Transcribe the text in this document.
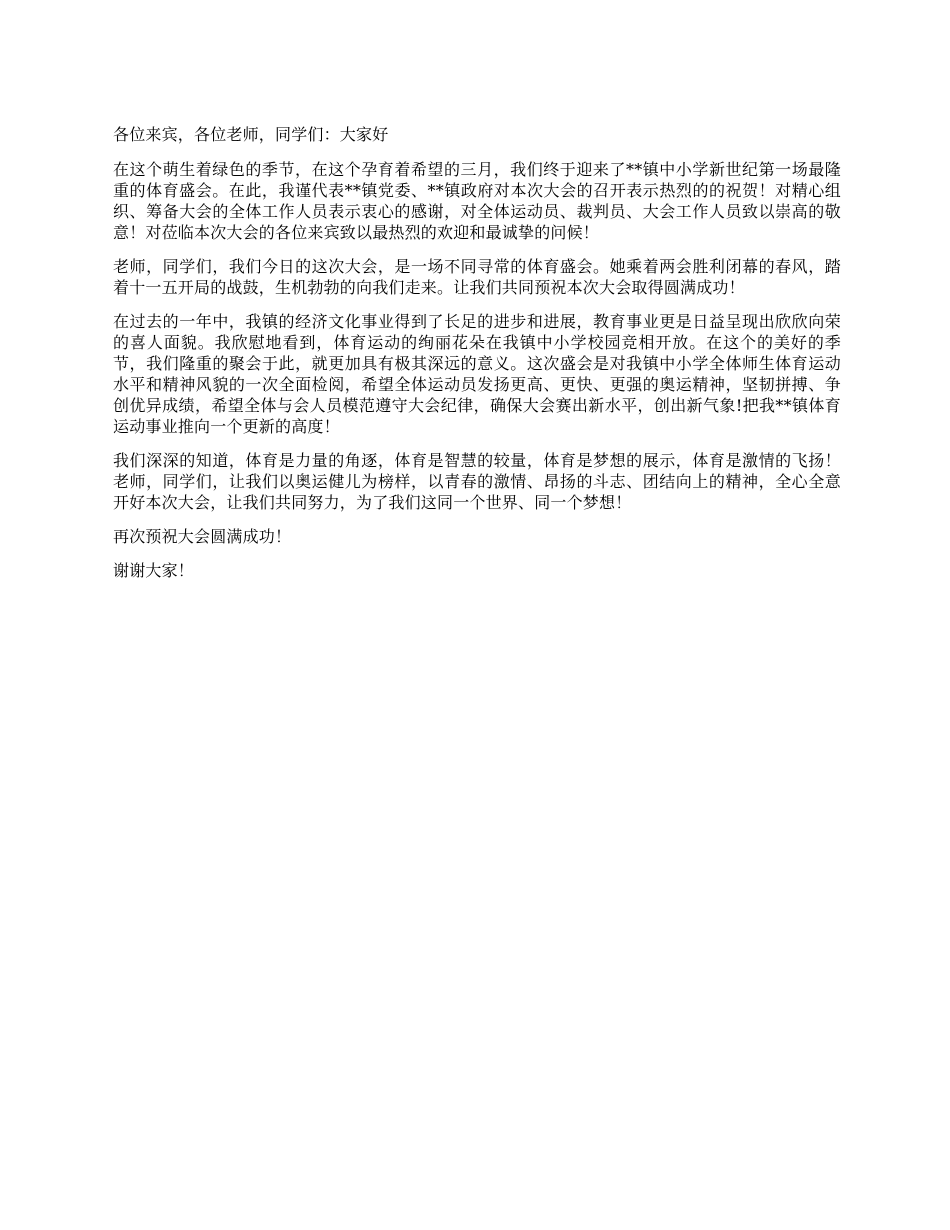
各位来宾，各位老师，同学们：大家好

在这个萌生着绿色的季节，在这个孕育着希望的三月，我们终于迎来了**镇中小学新世纪第一场最隆重的体育盛会。在此，我谨代表**镇党委、**镇政府对本次大会的召开表示热烈的的祝贺！对精心组织、筹备大会的全体工作人员表示衷心的感谢，对全体运动员、裁判员、大会工作人员致以崇高的敬意！对莅临本次大会的各位来宾致以最热烈的欢迎和最诚挚的问候！

老师，同学们，我们今日的这次大会，是一场不同寻常的体育盛会。她乘着两会胜利闭幕的春风，踏着十一五开局的战鼓，生机勃勃的向我们走来。让我们共同预祝本次大会取得圆满成功！

在过去的一年中，我镇的经济文化事业得到了长足的进步和进展，教育事业更是日益呈现出欣欣向荣的喜人面貌。我欣慰地看到，体育运动的绚丽花朵在我镇中小学校园竞相开放。在这个的美好的季节，我们隆重的聚会于此，就更加具有极其深远的意义。这次盛会是对我镇中小学全体师生体育运动水平和精神风貌的一次全面检阅，希望全体运动员发扬更高、更快、更强的奥运精神，坚韧拼搏、争创优异成绩，希望全体与会人员模范遵守大会纪律，确保大会赛出新水平，创出新气象!把我**镇体育运动事业推向一个更新的高度！

我们深深的知道，体育是力量的角逐，体育是智慧的较量，体育是梦想的展示，体育是激情的飞扬！老师，同学们，让我们以奥运健儿为榜样，以青春的激情、昂扬的斗志、团结向上的精神，全心全意开好本次大会，让我们共同努力，为了我们这同一个世界、同一个梦想！

再次预祝大会圆满成功！

谢谢大家！
